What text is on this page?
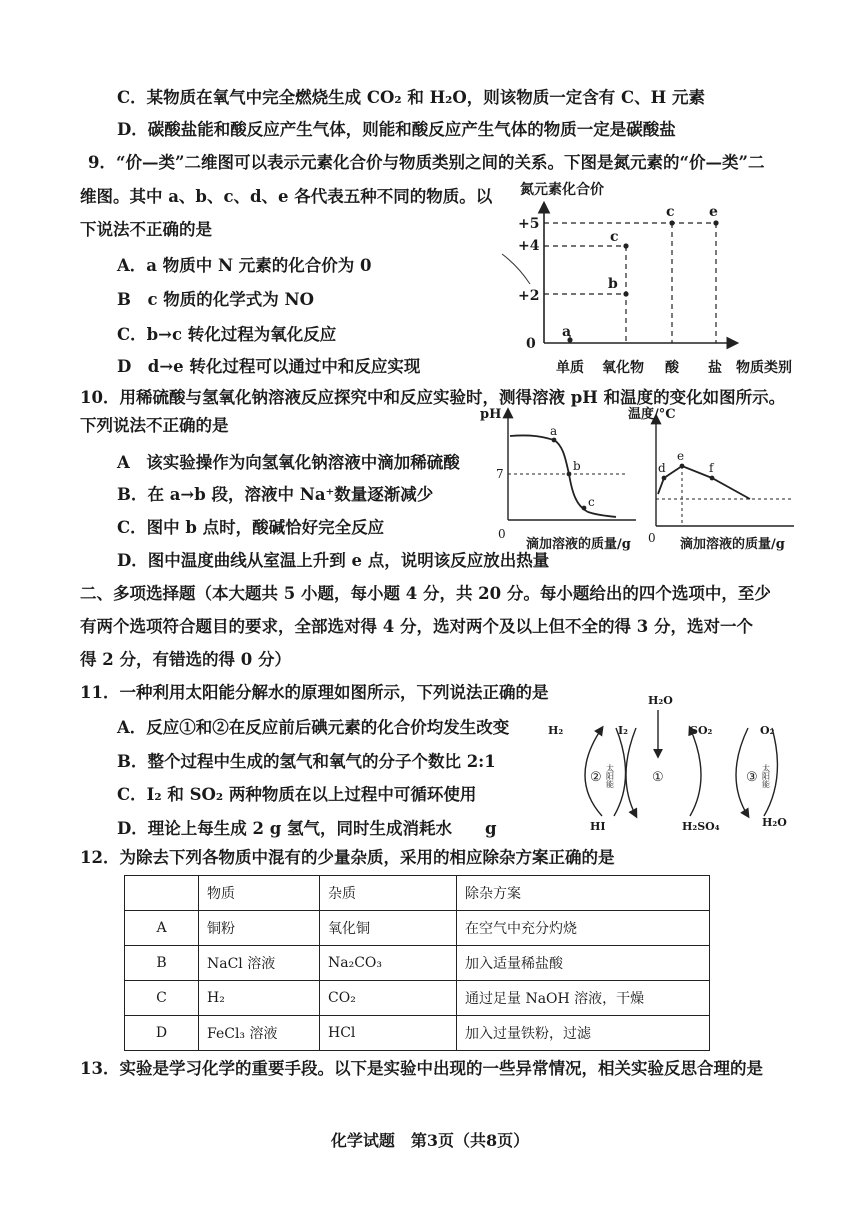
C．某物质在氧气中完全燃烧生成 CO₂ 和 H₂O，则该物质一定含有 C、H 元素
D．碳酸盐能和酸反应产生气体，则能和酸反应产生气体的物质一定是碳酸盐
9．“价—类”二维图可以表示元素化合价与物质类别之间的关系。下图是氮元素的“价—类”二
维图。其中 a、b、c、d、e 各代表五种不同的物质。以
下说法不正确的是
A．a 物质中 N 元素的化合价为 0
B　c 物质的化学式为 NO
C．b→c 转化过程为氧化反应
D　d→e 转化过程可以通过中和反应实现
氮元素化合价
+5
+4
+2
0
a
b
c
c e
单质 氧化物 酸 盐 物质类别
10．用稀硫酸与氢氧化钠溶液反应探究中和反应实验时，测得溶液 pH 和温度的变化如图所示。
下列说法不正确的是
A　该实验操作为向氢氧化钠溶液中滴加稀硫酸
B．在 a→b 段，溶液中 Na⁺数量逐渐减少
C．图中 b 点时，酸碱恰好完全反应
D．图中温度曲线从室温上升到 e 点，说明该反应放出热量
pH
0
7
a
b
c
滴加溶液的质量/g
温度/°C
0
d
e
f
滴加溶液的质量/g
二、多项选择题（本大题共 5 小题，每小题 4 分，共 20 分。每小题给出的四个选项中，至少
有两个选项符合题目的要求，全部选对得 4 分，选对两个及以上但不全的得 3 分，选对一个
得 2 分，有错选的得 0 分）
11．一种利用太阳能分解水的原理如图所示，下列说法正确的是
A．反应①和②在反应前后碘元素的化合价均发生改变
B．整个过程中生成的氢气和氧气的分子个数比 2:1
C．I₂ 和 SO₂ 两种物质在以上过程中可循环使用
D．理论上每生成 2 g 氢气，同时生成消耗水　　g
H₂O
H₂	I₂	SO₂	O₂
HI	H₂SO₄	H₂O
②	①	③
太阳能	太阳能
12．为除去下列各物质中混有的少量杂质，采用的相应除杂方案正确的是
	物质	杂质	除杂方案
A	铜粉	氧化铜	在空气中充分灼烧
B	NaCl 溶液	Na₂CO₃	加入适量稀盐酸
C	H₂	CO₂	通过足量 NaOH 溶液，干燥
D	FeCl₃ 溶液	HCl	加入过量铁粉，过滤
13．实验是学习化学的重要手段。以下是实验中出现的一些异常情况，相关实验反思合理的是
化学试题　第3页（共8页）
